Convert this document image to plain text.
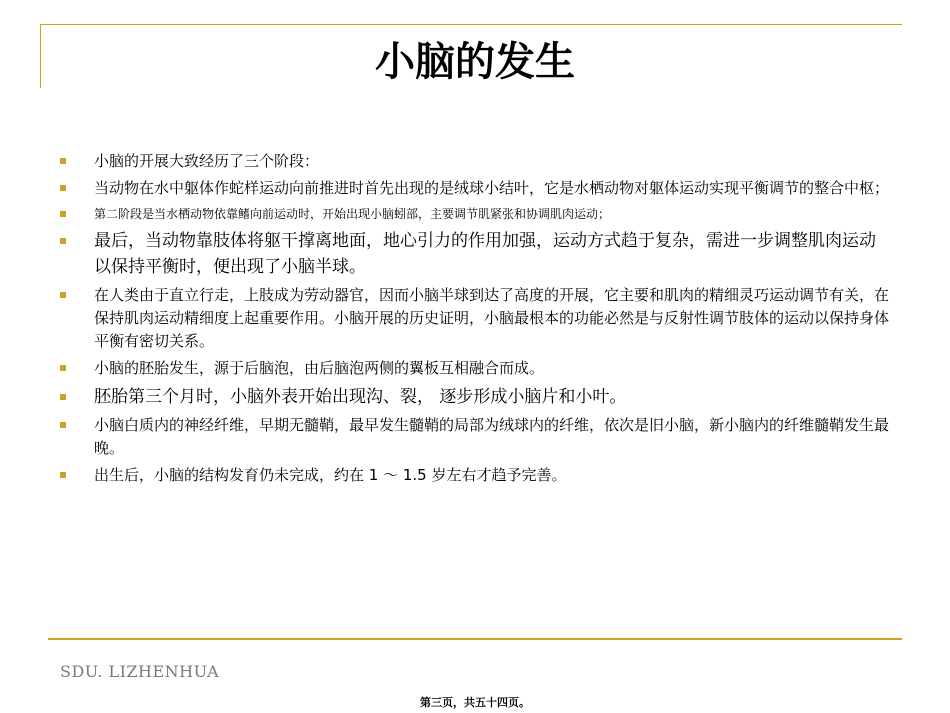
小脑的发生
小脑的开展大致经历了三个阶段：
当动物在水中躯体作蛇样运动向前推进时首先出现的是绒球小结叶，它是水栖动物对躯体运动实现平衡调节的整合中枢；
第二阶段是当水栖动物依靠鳍向前运动时，开始出现小脑蚓部，主要调节肌紧张和协调肌肉运动；
最后，当动物靠肢体将躯干撑离地面，地心引力的作用加强，运动方式趋于复杂，需进一步调整肌肉运动以保持平衡时，便出现了小脑半球。
在人类由于直立行走，上肢成为劳动器官，因而小脑半球到达了高度的开展，它主要和肌肉的精细灵巧运动调节有关，在保持肌肉运动精细度上起重要作用。小脑开展的历史证明，小脑最根本的功能必然是与反射性调节肢体的运动以保持身体平衡有密切关系。
小脑的胚胎发生，源于后脑泡，由后脑泡两侧的翼板互相融合而成。
胚胎第三个月时，小脑外表开始出现沟、裂， 逐步形成小脑片和小叶。
小脑白质内的神经纤维，早期无髓鞘，最早发生髓鞘的局部为绒球内的纤维，依次是旧小脑，新小脑内的纤维髓鞘发生最晚。
出生后，小脑的结构发育仍未完成，约在 1 ～ 1.5 岁左右才趋予完善。
SDU. LIZHENHUA
第三页，共五十四页。
